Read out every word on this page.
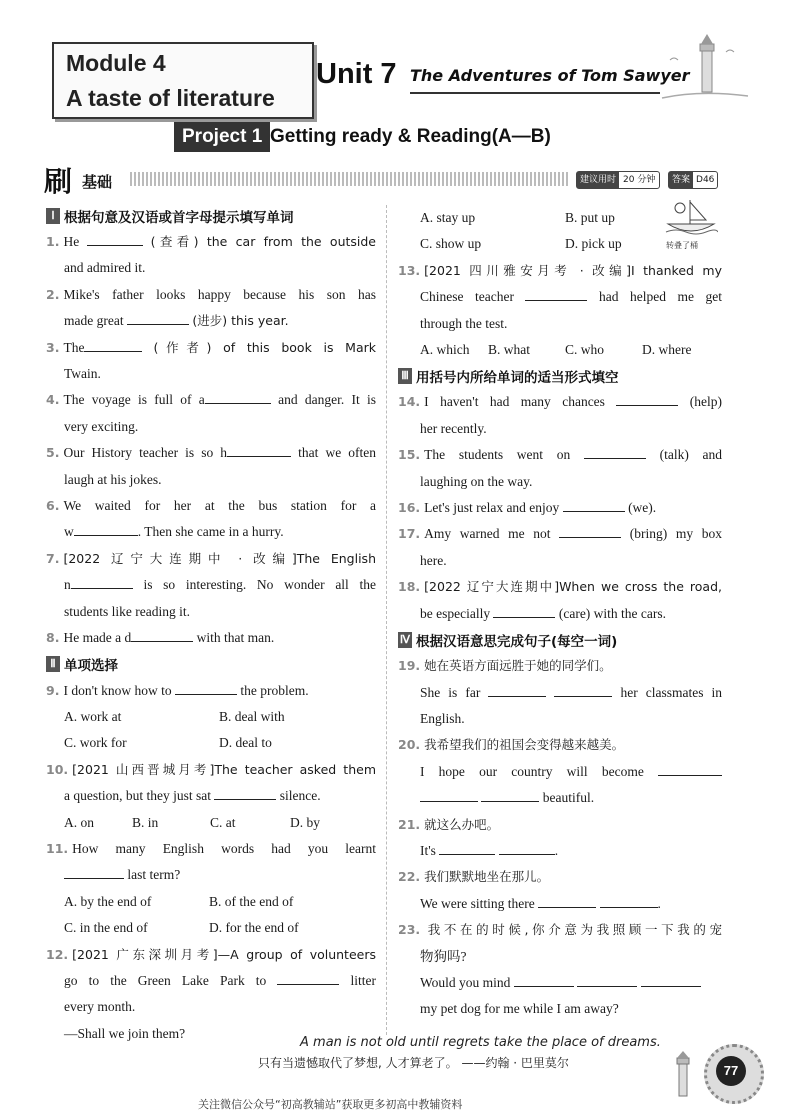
Module 4
A taste of literature
Unit 7 The Adventures of Tom Sawyer
Project 1 Getting ready & Reading(A—B)
刷 基础	建议用时 20 分钟	答案 D46
Ⅰ 根据句意及汉语或首字母提示填写单词
1. He	(查看) the car from the outside
and admired it.
2. Mike's father looks happy because his son has
made great	(进步) this year.
3. The	(作者) of this book is Mark
Twain.
4. The voyage is full of a	and danger. It is
very exciting.
5. Our History teacher is so h	that we often
laugh at his jokes.
6. We waited for her at the bus station for a
w	. Then she came in a hurry.
7. [2022 辽宁大连期中 · 改编]The English
n	is so interesting. No wonder all the
students like reading it.
8. He made a d	with that man.
Ⅱ 单项选择
9. I don't know how to	the problem.
A. work at	B. deal with
C. work for	D. deal to
10. [2021 山西晋城月考]The teacher asked them
a question, but they just sat	silence.
A. on	B. in	C. at	D. by
11. How many English words had you learnt
last term?
A. by the end of	B. of the end of
C. in the end of	D. for the end of
12. [2021 广东深圳月考]—A group of volunteers
go to the Green Lake Park to	litter
every month.
—Shall we join them?
A. stay up	B. put up
C. show up	D. pick up
13. [2021 四川雅安月考 · 改编]I thanked my
Chinese teacher	had helped me get
through the test.
A. which	B. what	C. who	D. where
Ⅲ 用括号内所给单词的适当形式填空
14. I haven't had many chances	(help)
her recently.
15. The students went on	(talk) and
laughing on the way.
16. Let's just relax and enjoy	(we).
17. Amy warned me not	(bring) my box
here.
18. [2022 辽宁大连期中]When we cross the road,
be especially	(care) with the cars.
Ⅳ 根据汉语意思完成句子(每空一词)
19. 她在英语方面远胜于她的同学们。
She is far	her classmates in
English.
20. 我希望我们的祖国会变得越来越美。
I hope our country will become
beautiful.
21. 就这么办吧。
It's	.
22. 我们默默地坐在那儿。
We were sitting there	.
23. 我不在的时候,你介意为我照顾一下我的宠
物狗吗?
Would you mind
my pet dog for me while I am away?
转叠了桶
A man is not old until regrets take the place of dreams.
只有当遗憾取代了梦想, 人才算老了。 ——约翰 · 巴里莫尔	77
关注微信公众号“初高教辅站”获取更多初高中教辅资料
